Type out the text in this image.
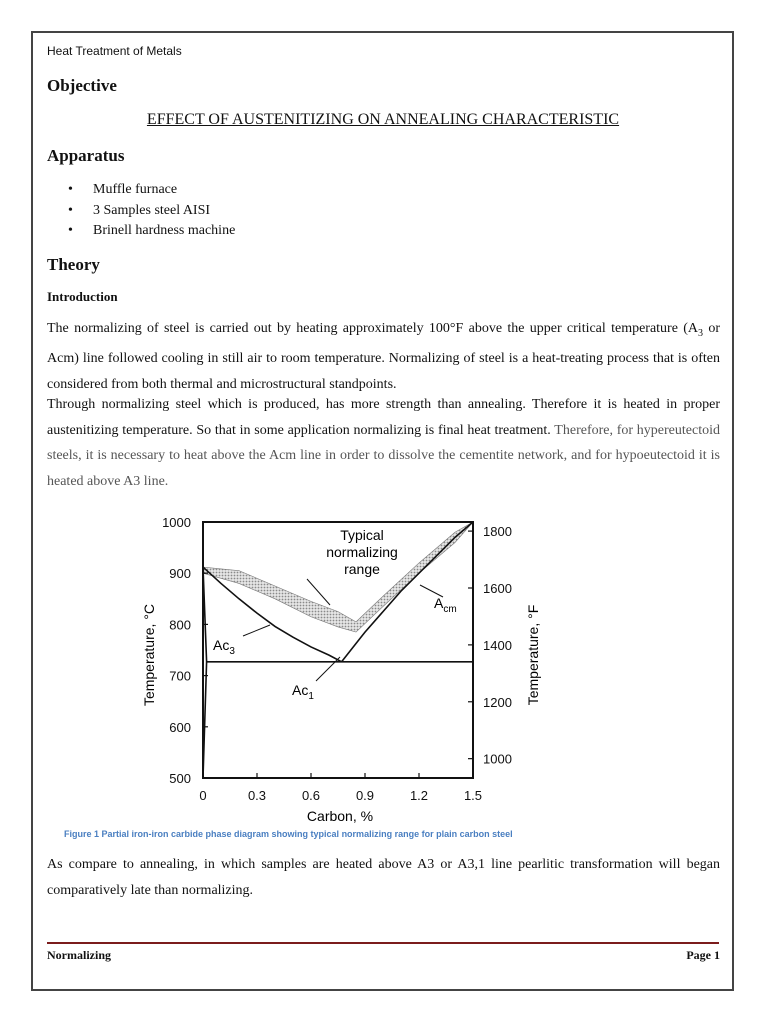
Heat Treatment of Metals
Objective
EFFECT OF AUSTENITIZING ON ANNEALING CHARACTERISTIC
Apparatus
• Muffle furnace
• 3 Samples steel AISI
• Brinell hardness machine
Theory
Introduction

The normalizing of steel is carried out by heating approximately 100°F above the upper critical temperature ($A_3$ or Acm) line followed cooling in still air to room temperature. Normalizing of steel is a heat-treating process that is often considered from both thermal and microstructural standpoints.

Through normalizing steel which is produced, has more strength than annealing. Therefore it is heated in proper austenitizing temperature. So that in some application normalizing is final heat treatment. Therefore, for hypereutectoid steels, it is necessary to heat above the Acm line in order to dissolve the cementite network, and for hypoeutectoid it is heated above A3 line.

0	0.3	0.6	0.9	1.2	1.5
500
600
700
800
900
1000
1000
1200
1400
1600
1800
Carbon, %
Temperature, °C	Temperature, °F
Typical
normalizing
range
$A_{cm}$
$Ac_3$
$Ac_1$
Figure 1 Partial iron-iron carbide phase diagram showing typical normalizing range for plain carbon steel

As compare to annealing, in which samples are heated above A3 or A3,1 line pearlitic transformation will began comparatively late than normalizing.

Normalizing	Page 1
